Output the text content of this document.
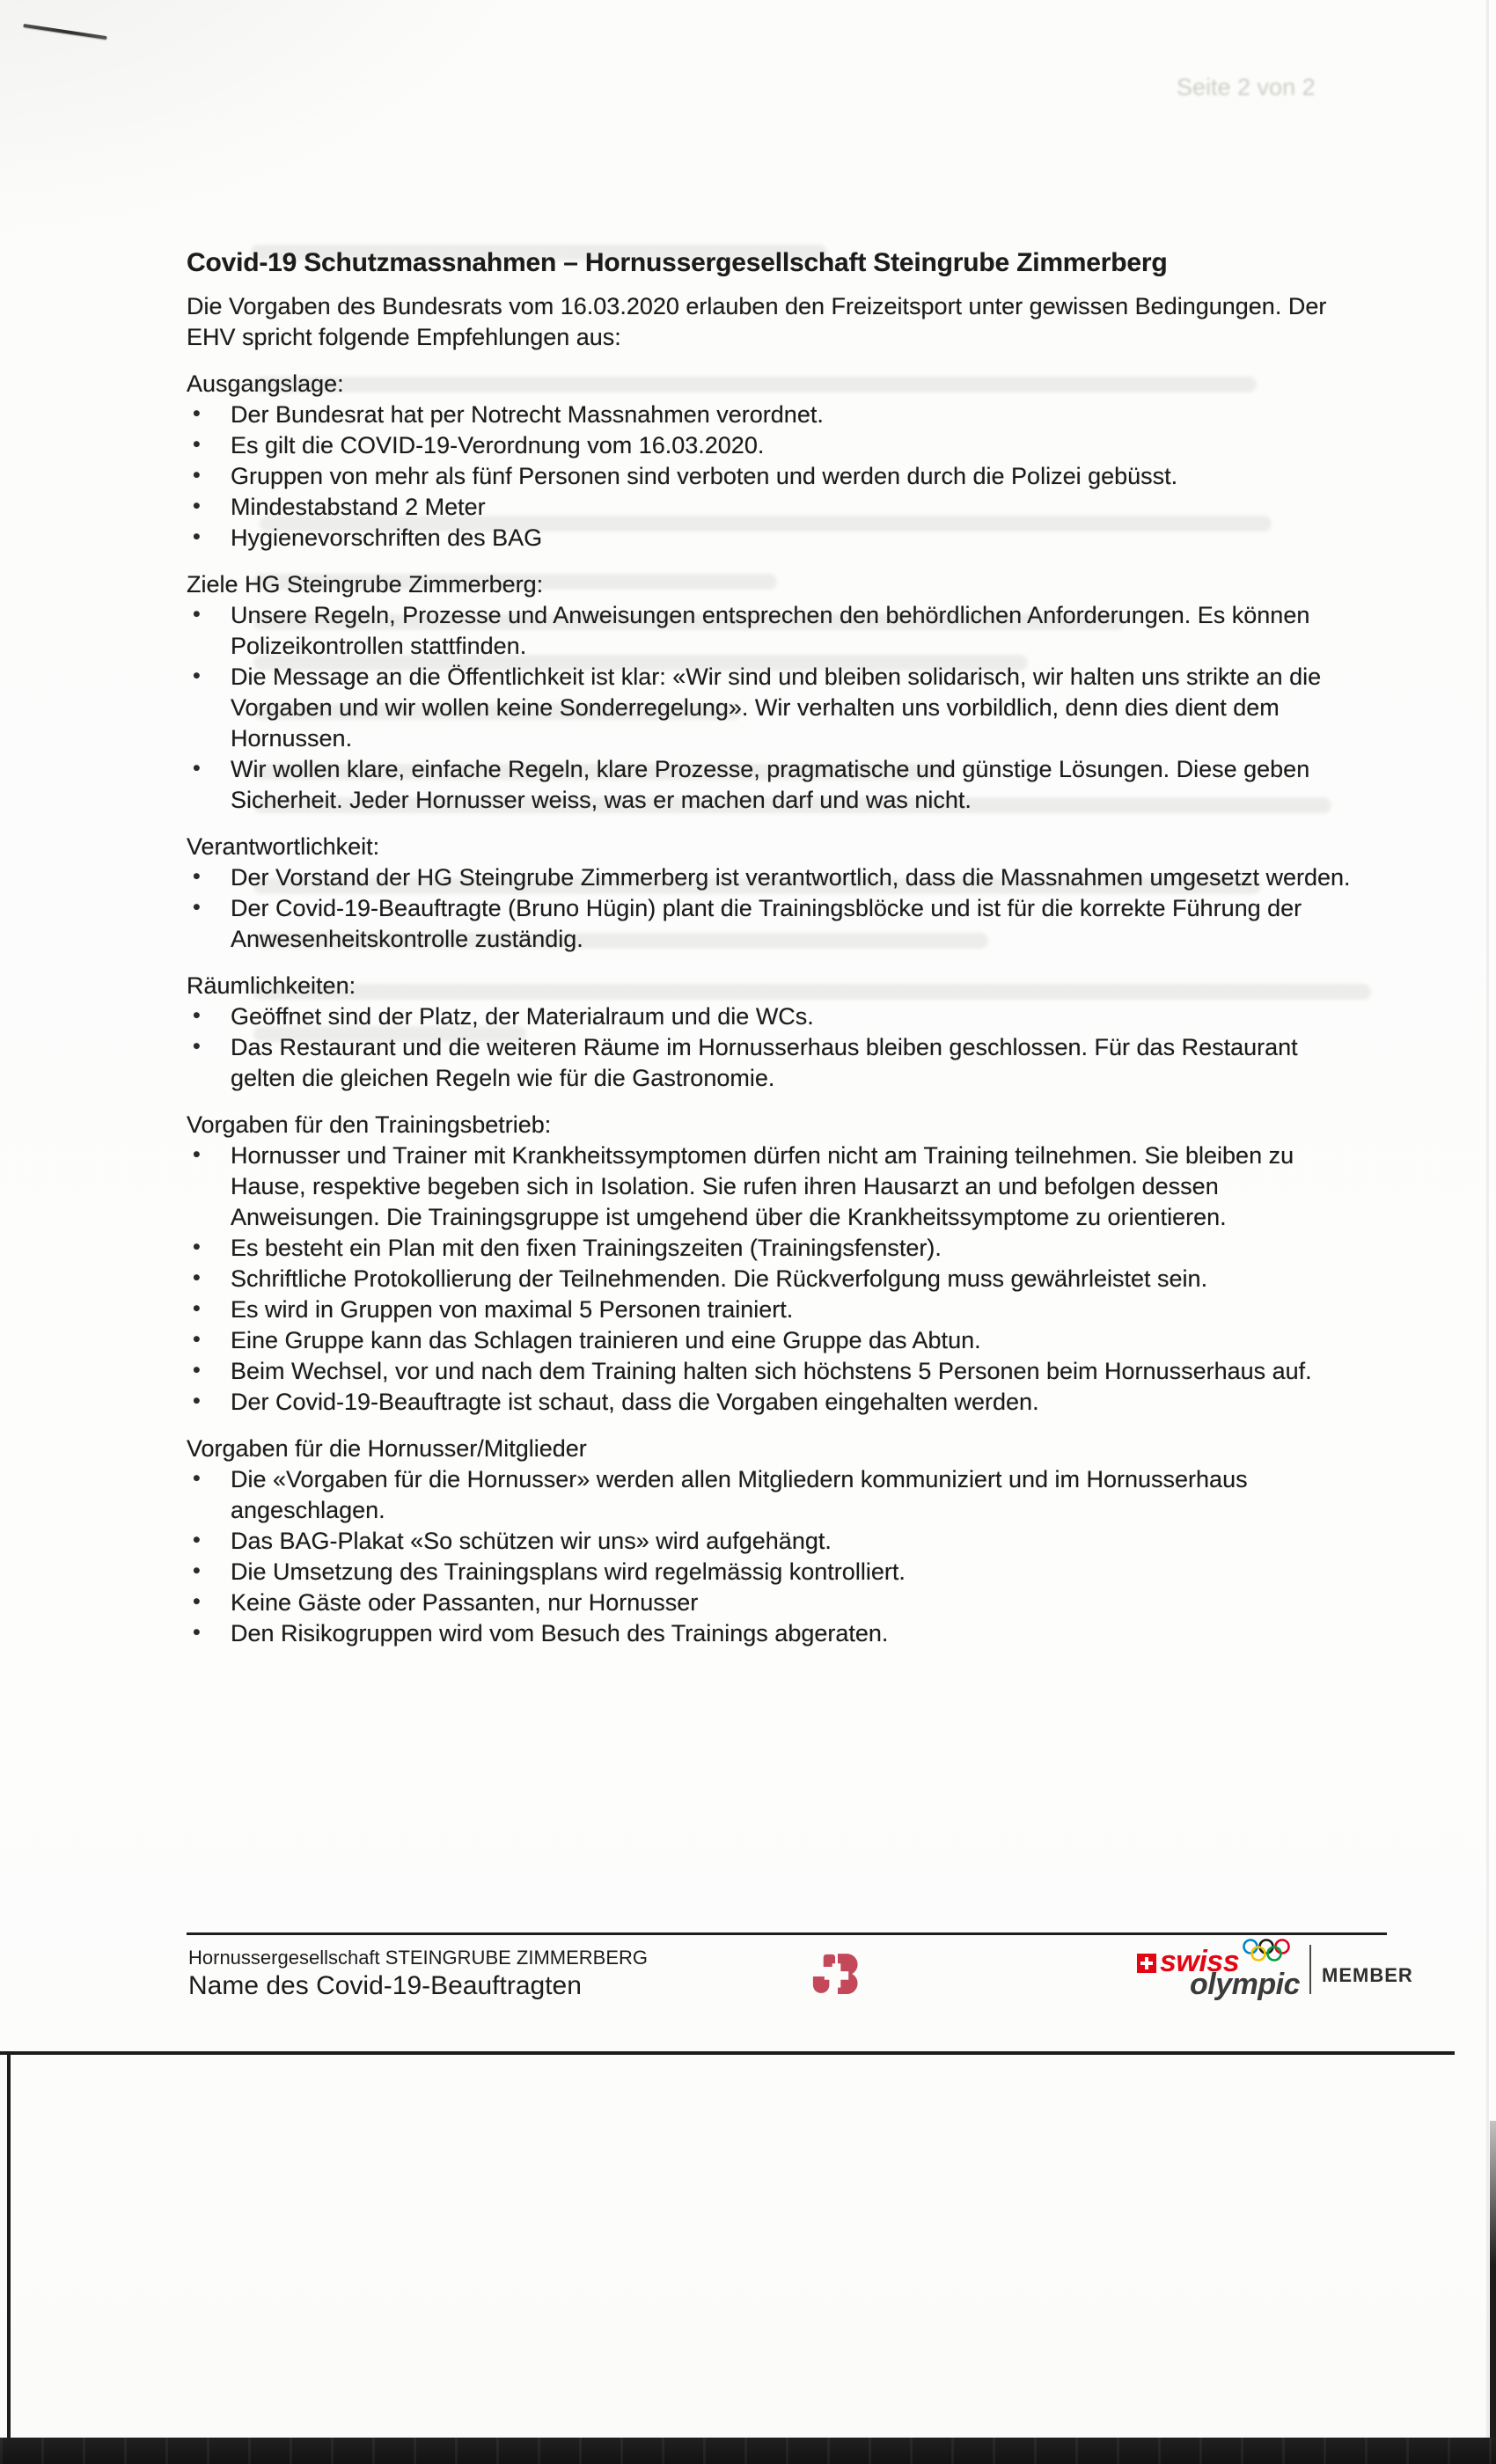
Seite 2 von 2
Covid-19 Schutzmassnahmen – Hornussergesellschaft Steingrube Zimmerberg
Die Vorgaben des Bundesrats vom 16.03.2020 erlauben den Freizeitsport unter gewissen Bedingungen. Der EHV spricht folgende Empfehlungen aus:
Ausgangslage:
• Der Bundesrat hat per Notrecht Massnahmen verordnet.
• Es gilt die COVID-19-Verordnung vom 16.03.2020.
• Gruppen von mehr als fünf Personen sind verboten und werden durch die Polizei gebüsst.
• Mindestabstand 2 Meter
• Hygienevorschriften des BAG
Ziele HG Steingrube Zimmerberg:
• Unsere Regeln, Prozesse und Anweisungen entsprechen den behördlichen Anforderungen. Es können Polizeikontrollen stattfinden.
• Die Message an die Öffentlichkeit ist klar: «Wir sind und bleiben solidarisch, wir halten uns strikte an die Vorgaben und wir wollen keine Sonderregelung». Wir verhalten uns vorbildlich, denn dies dient dem Hornussen.
• Wir wollen klare, einfache Regeln, klare Prozesse, pragmatische und günstige Lösungen. Diese geben Sicherheit. Jeder Hornusser weiss, was er machen darf und was nicht.
Verantwortlichkeit:
• Der Vorstand der HG Steingrube Zimmerberg ist verantwortlich, dass die Massnahmen umgesetzt werden.
• Der Covid-19-Beauftragte (Bruno Hügin) plant die Trainingsblöcke und ist für die korrekte Führung der Anwesenheitskontrolle zuständig.
Räumlichkeiten:
• Geöffnet sind der Platz, der Materialraum und die WCs.
• Das Restaurant und die weiteren Räume im Hornusserhaus bleiben geschlossen. Für das Restaurant gelten die gleichen Regeln wie für die Gastronomie.
Vorgaben für den Trainingsbetrieb:
• Hornusser und Trainer mit Krankheitssymptomen dürfen nicht am Training teilnehmen. Sie bleiben zu Hause, respektive begeben sich in Isolation. Sie rufen ihren Hausarzt an und befolgen dessen Anweisungen. Die Trainingsgruppe ist umgehend über die Krankheitssymptome zu orientieren.
• Es besteht ein Plan mit den fixen Trainingszeiten (Trainingsfenster).
• Schriftliche Protokollierung der Teilnehmenden. Die Rückverfolgung muss gewährleistet sein.
• Es wird in Gruppen von maximal 5 Personen trainiert.
• Eine Gruppe kann das Schlagen trainieren und eine Gruppe das Abtun.
• Beim Wechsel, vor und nach dem Training halten sich höchstens 5 Personen beim Hornusserhaus auf.
• Der Covid-19-Beauftragte ist schaut, dass die Vorgaben eingehalten werden.
Vorgaben für die Hornusser/Mitglieder
• Die «Vorgaben für die Hornusser» werden allen Mitgliedern kommuniziert und im Hornusserhaus angeschlagen.
• Das BAG-Plakat «So schützen wir uns» wird aufgehängt.
• Die Umsetzung des Trainingsplans wird regelmässig kontrolliert.
• Keine Gäste oder Passanten, nur Hornusser
• Den Risikogruppen wird vom Besuch des Trainings abgeraten.
Hornussergesellschaft STEINGRUBE ZIMMERBERG
Name des Covid-19-Beauftragten
swiss
olympic MEMBER
